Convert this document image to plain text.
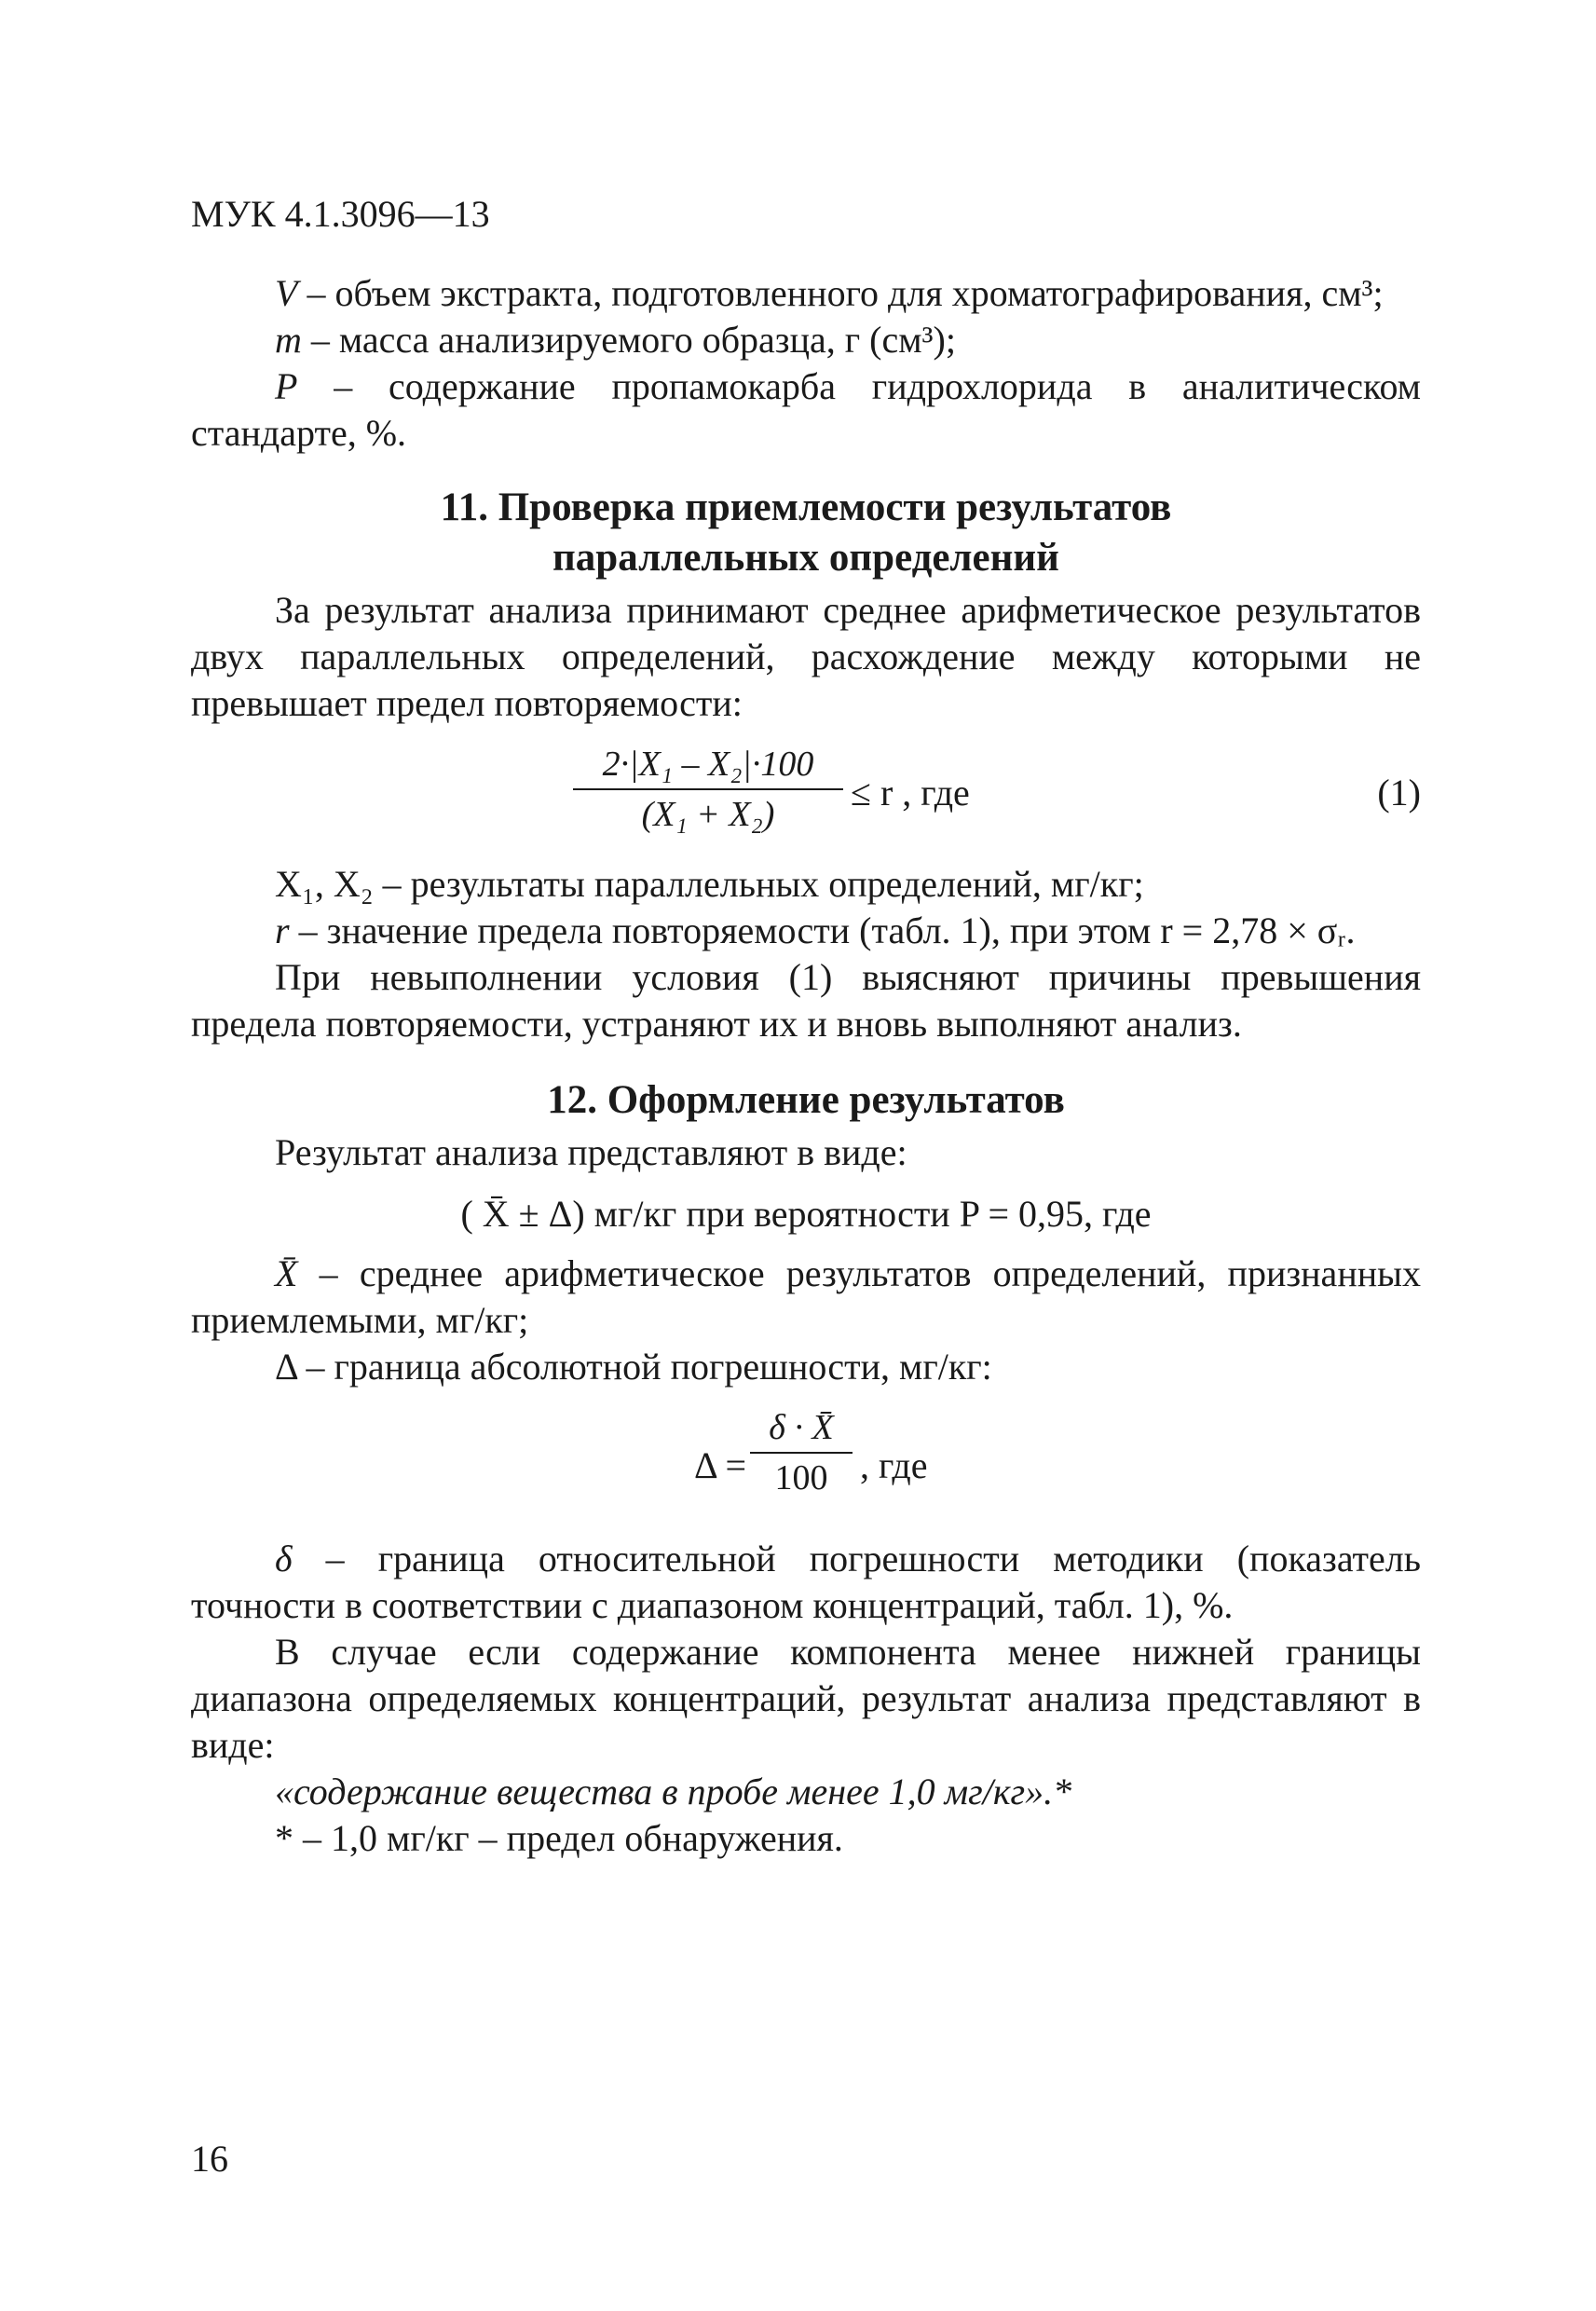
МУК 4.1.3096—13

V – объем экстракта, подготовленного для хроматографирования, см³;

m – масса анализируемого образца, г (см³);

P – содержание пропамокарба гидрохлорида в аналитическом стандарте, %.

11. Проверка приемлемости результатов
параллельных определений

За результат анализа принимают среднее арифметическое результатов двух параллельных определений, расхождение между которыми не превышает предел повторяемости:

2·|X₁ – X₂|·100
(X₁ + X₂)
≤ r , где	(1)

X₁, X₂ – результаты параллельных определений, мг/кг;

r – значение предела повторяемости (табл. 1), при этом r = 2,78 × σᵣ.

При невыполнении условия (1) выясняют причины превышения предела повторяемости, устраняют их и вновь выполняют анализ.

12. Оформление результатов

Результат анализа представляют в виде:

( X̄ ± Δ) мг/кг при вероятности P = 0,95, где

X̄ – среднее арифметическое результатов определений, признанных приемлемыми, мг/кг;

Δ – граница абсолютной погрешности, мг/кг:

Δ =
δ · X̄
100 , где

δ – граница относительной погрешности методики (показатель точности в соответствии с диапазоном концентраций, табл. 1), %.

В случае если содержание компонента менее нижней границы диапазона определяемых концентраций, результат анализа представляют в виде:

«содержание вещества в пробе менее 1,0 мг/кг».*

* – 1,0 мг/кг – предел обнаружения.

16
